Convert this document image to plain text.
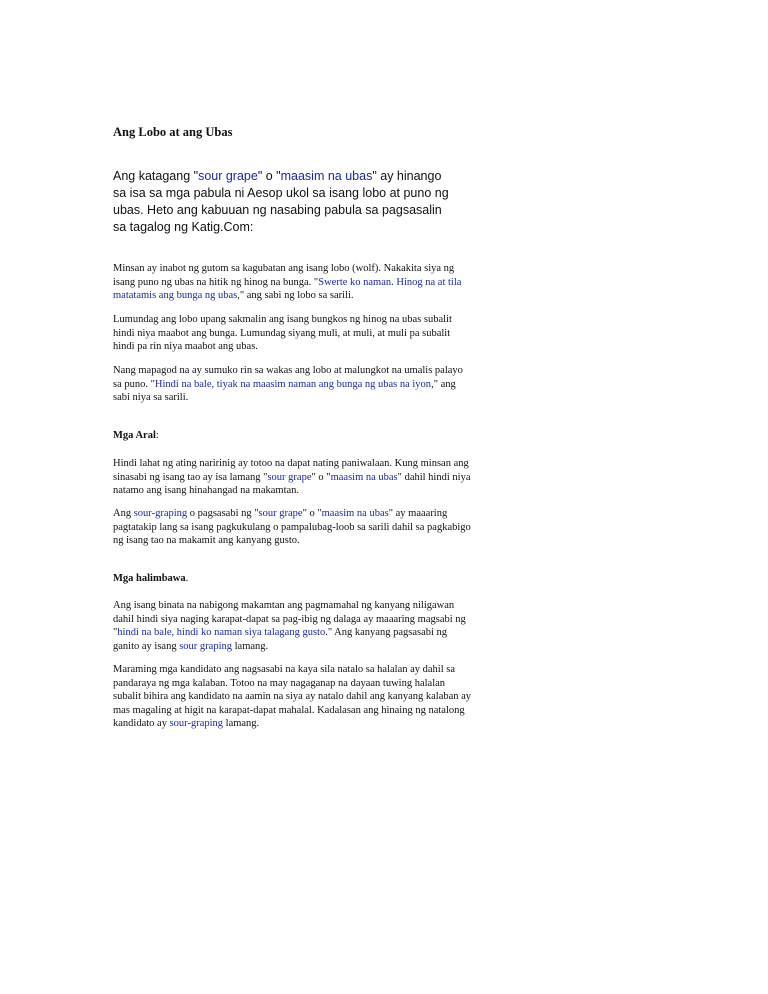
Ang Lobo at ang Ubas

Ang katagang "sour grape" o "maasim na ubas" ay hinango sa isa sa mga pabula ni Aesop ukol sa isang lobo at puno ng ubas. Heto ang kabuuan ng nasabing pabula sa pagsasalin sa tagalog ng Katig.Com:

Minsan ay inabot ng gutom sa kagubatan ang isang lobo (wolf). Nakakita siya ng isang puno ng ubas na hitik ng hinog na bunga. "Swerte ko naman. Hinog na at tila matatamis ang bunga ng ubas," ang sabi ng lobo sa sarili.

Lumundag ang lobo upang sakmalin ang isang bungkos ng hinog na ubas subalit hindi niya maabot ang bunga. Lumundag siyang muli, at muli, at muli pa subalit hindi pa rin niya maabot ang ubas.

Nang mapagod na ay sumuko rin sa wakas ang lobo at malungkot na umalis palayo sa puno. "Hindi na bale, tiyak na maasim naman ang bunga ng ubas na iyon," ang sabi niya sa sarili.

Mga Aral:

Hindi lahat ng ating naririnig ay totoo na dapat nating paniwalaan. Kung minsan ang sinasabi ng isang tao ay isa lamang "sour grape" o "maasim na ubas" dahil hindi niya natamo ang isang hinahangad na makamtan.

Ang sour-graping o pagsasabi ng "sour grape" o "maasim na ubas" ay maaaring pagtatakip lang sa isang pagkukulang o pampalubag-loob sa sarili dahil sa pagkabigo ng isang tao na makamit ang kanyang gusto.

Mga halimbawa.

Ang isang binata na nabigong makamtan ang pagmamahal ng kanyang niligawan dahil hindi siya naging karapat-dapat sa pag-ibig ng dalaga ay maaaring magsabi ng "hindi na bale, hindi ko naman siya talagang gusto." Ang kanyang pagsasabi ng ganito ay isang sour graping lamang.

Maraming mga kandidato ang nagsasabi na kaya sila natalo sa halalan ay dahil sa pandaraya ng mga kalaban. Totoo na may nagaganap na dayaan tuwing halalan subalit bihira ang kandidato na aamin na siya ay natalo dahil ang kanyang kalaban ay mas magaling at higit na karapat-dapat mahalal. Kadalasan ang hinaing ng natalong kandidato ay sour-graping lamang.
